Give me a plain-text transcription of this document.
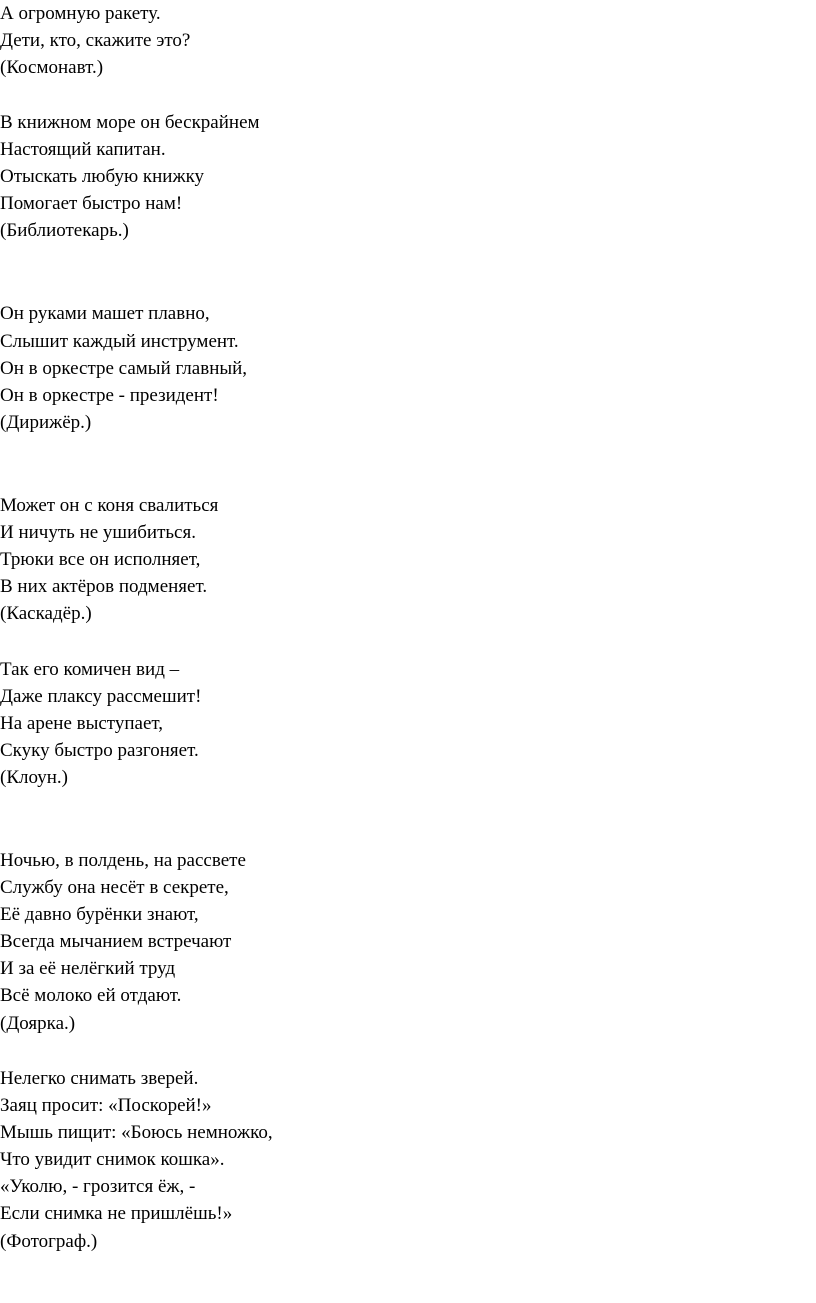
А огромную ракету.

Дети, кто, скажите это?

(Космонавт.)

В книжном море он бескрайнем

Настоящий капитан.

Отыскать любую книжку

Помогает быстро нам!

(Библиотекарь.)

Он руками машет плавно,

Слышит каждый инструмент.

Он в оркестре самый главный,

Он в оркестре - президент!

(Дирижёр.)

Может он с коня свалиться

И ничуть не ушибиться.

Трюки все он исполняет,

В них актёров подменяет.

(Каскадёр.)

Так его комичен вид –

Даже плаксу рассмешит!

На арене выступает,

Скуку быстро разгоняет.

(Клоун.)

Ночью, в полдень, на рассвете

Службу она несёт в секрете,

Её давно бурёнки знают,

Всегда мычанием встречают

И за её нелёгкий труд

Всё молоко ей отдают.

(Доярка.)

Нелегко снимать зверей.

Заяц просит: «Поскорей!»

Мышь пищит: «Боюсь немножко,

Что увидит снимок кошка».

«Уколю, - грозится ёж, -

Если снимка не пришлёшь!»

(Фотограф.)
